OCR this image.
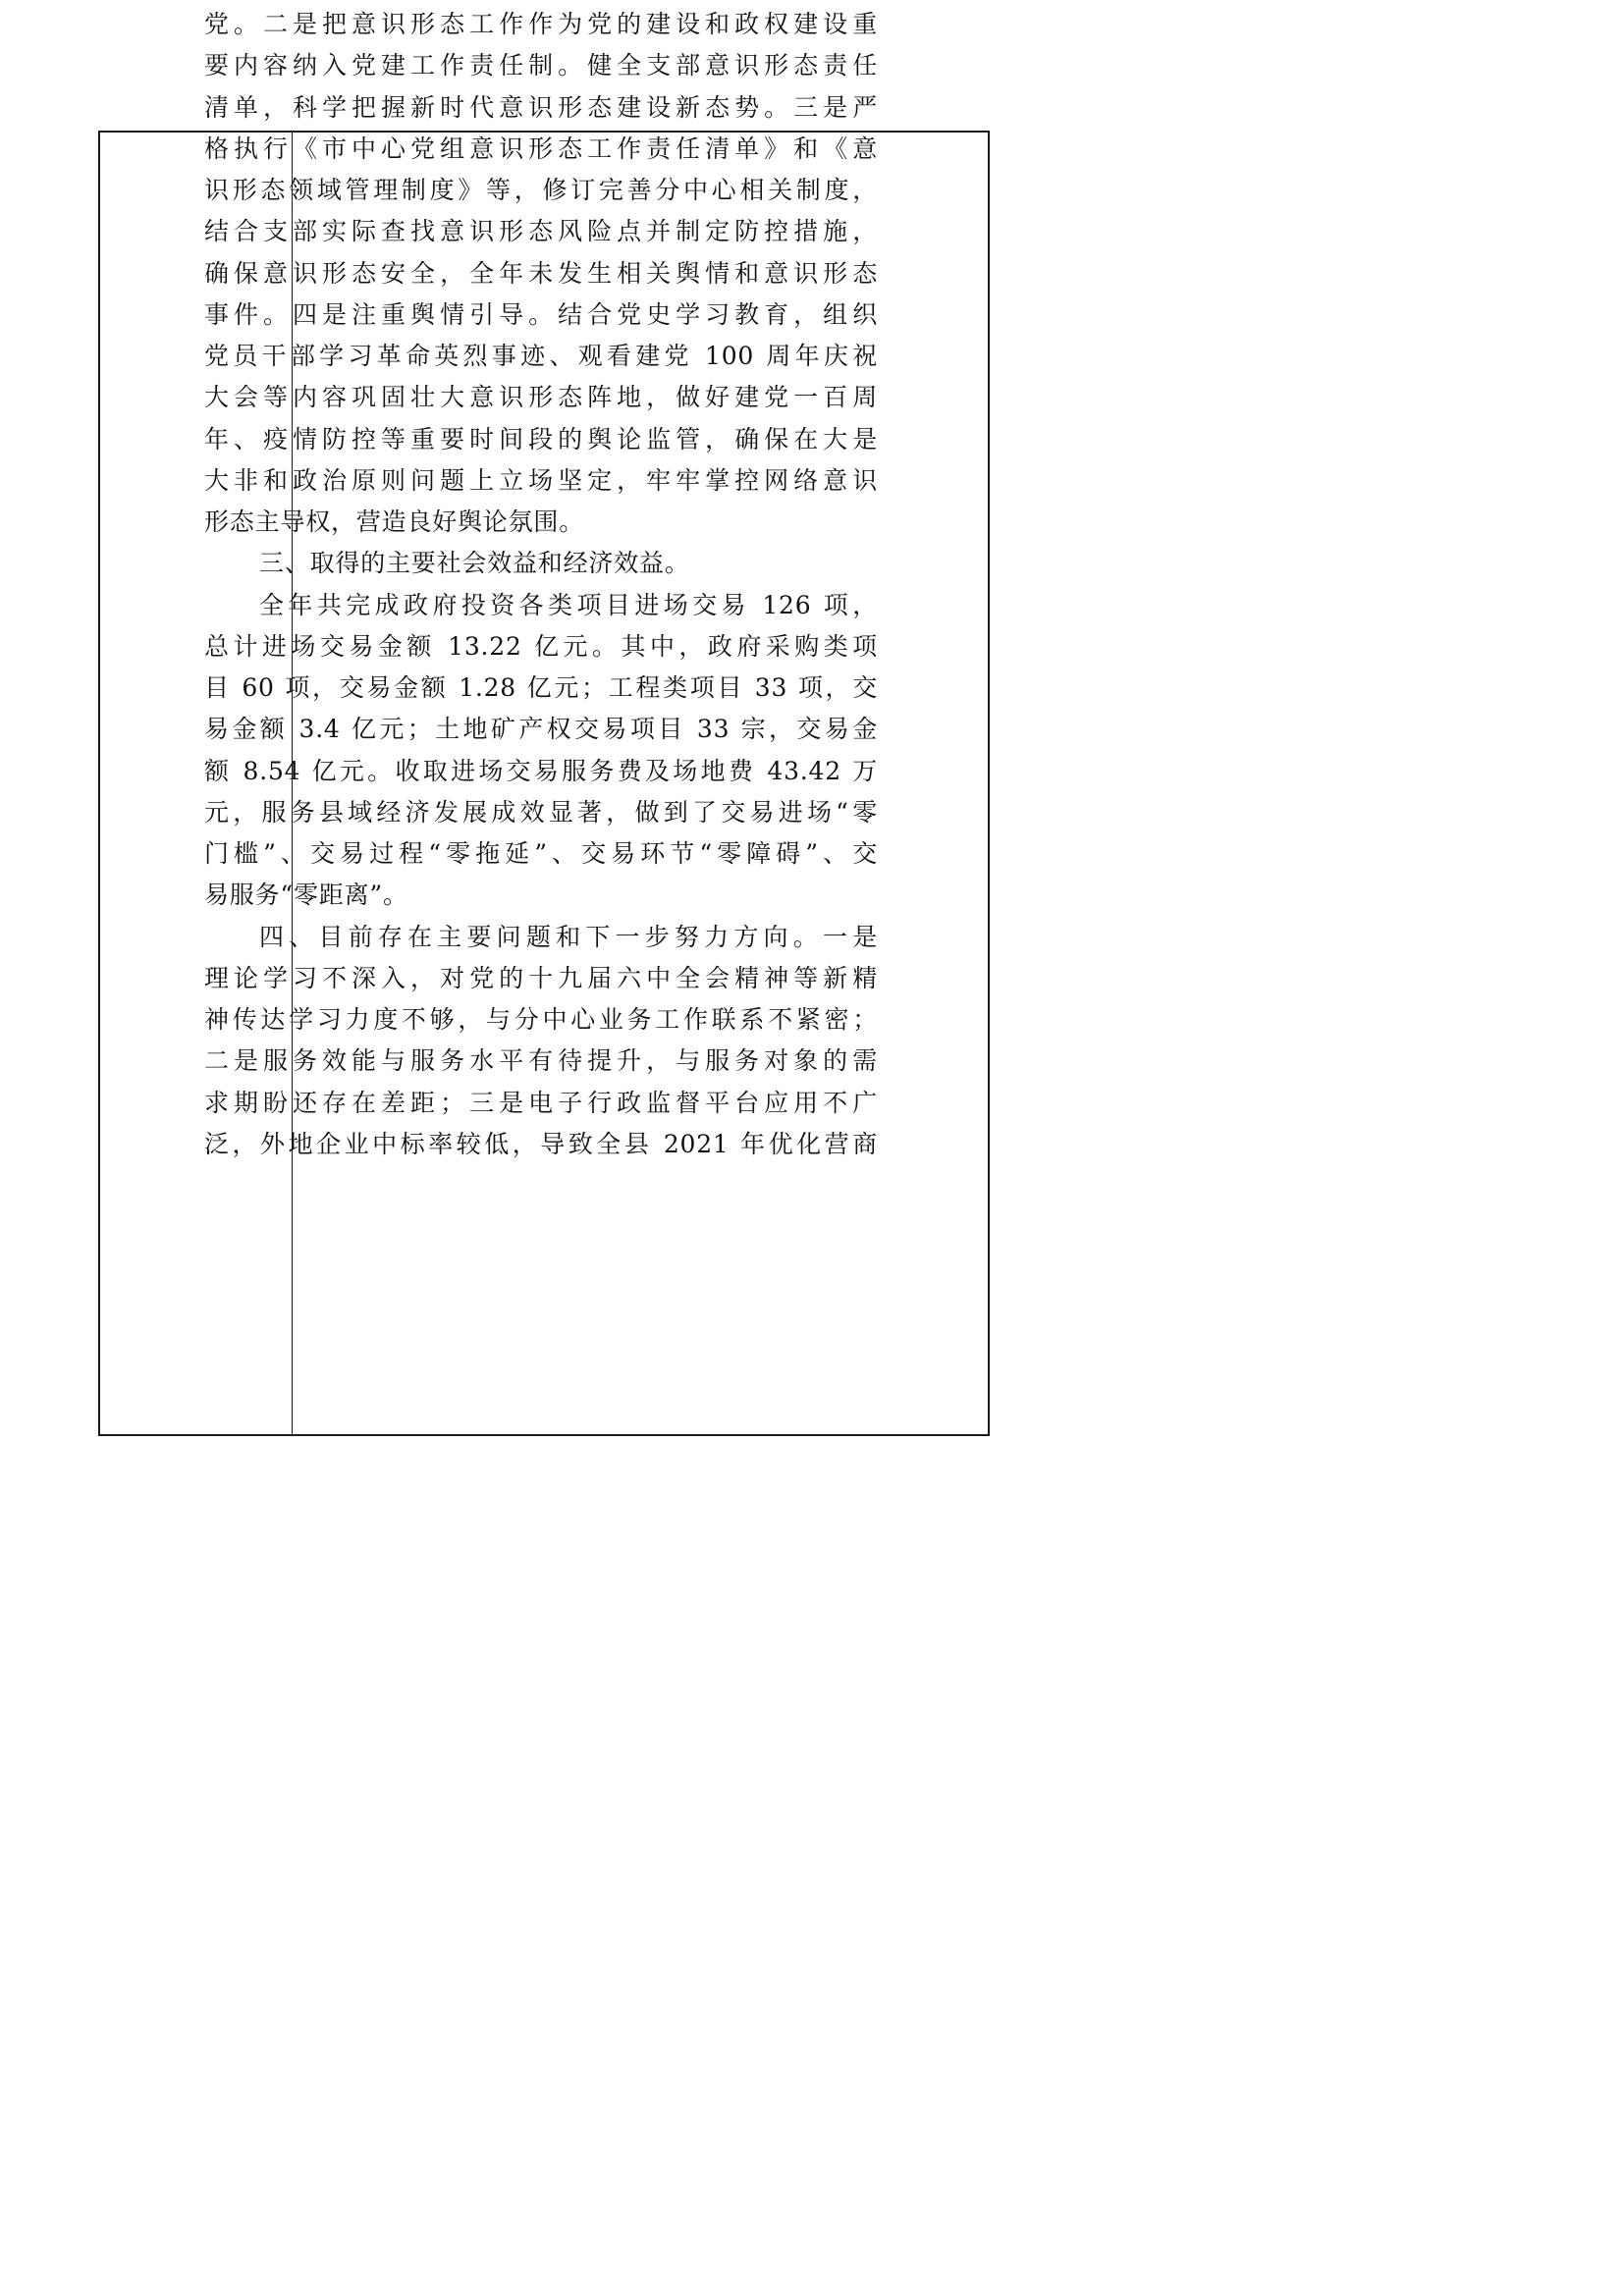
党。二是把意识形态工作作为党的建设和政权建设重
要内容纳入党建工作责任制。健全支部意识形态责任
清单，科学把握新时代意识形态建设新态势。三是严
格执行《市中心党组意识形态工作责任清单》和《意
识形态领域管理制度》等，修订完善分中心相关制度，
结合支部实际查找意识形态风险点并制定防控措施，
确保意识形态安全，全年未发生相关舆情和意识形态
事件。四是注重舆情引导。结合党史学习教育，组织
党员干部学习革命英烈事迹、观看建党 100 周年庆祝
大会等内容巩固壮大意识形态阵地，做好建党一百周
年、疫情防控等重要时间段的舆论监管，确保在大是
大非和政治原则问题上立场坚定，牢牢掌控网络意识
形态主导权，营造良好舆论氛围。
三、取得的主要社会效益和经济效益。
全年共完成政府投资各类项目进场交易 126 项，
总计进场交易金额 13.22 亿元。其中，政府采购类项
目 60 项，交易金额 1.28 亿元；工程类项目 33 项，交
易金额 3.4 亿元；土地矿产权交易项目 33 宗，交易金
额 8.54 亿元。收取进场交易服务费及场地费 43.42 万
元，服务县域经济发展成效显著，做到了交易进场“零
门槛”、交易过程“零拖延”、交易环节“零障碍”、交
易服务“零距离”。
四、目前存在主要问题和下一步努力方向。一是
理论学习不深入，对党的十九届六中全会精神等新精
神传达学习力度不够，与分中心业务工作联系不紧密；
二是服务效能与服务水平有待提升，与服务对象的需
求期盼还存在差距；三是电子行政监督平台应用不广
泛，外地企业中标率较低，导致全县 2021 年优化营商
